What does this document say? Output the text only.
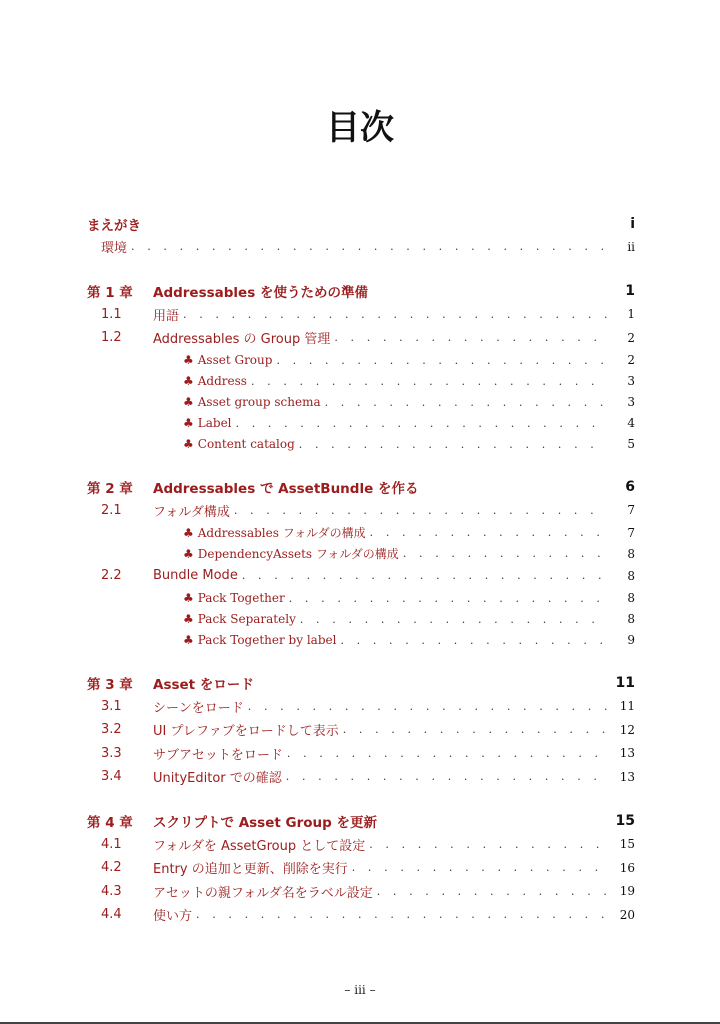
目次
まえがき	i
環境 . . .	ii
第 1 章	Addressables を使うための準備	1
1.1	用語 . . .	1
1.2	Addressables の Group 管理 . . .	2
♣ Asset Group . . .	2
♣ Address . . .	3
♣ Asset group schema . . .	3
♣ Label . . .	4
♣ Content catalog . . .	5
第 2 章	Addressables で AssetBundle を作る	6
2.1	フォルダ構成 . . .	7
♣ Addressables フォルダの構成 . . .	7
♣ DependencyAssets フォルダの構成 . . .	8
2.2	Bundle Mode . . .	8
♣ Pack Together . . .	8
♣ Pack Separately . . .	8
♣ Pack Together by label . . .	9
第 3 章	Asset をロード	11
3.1	シーンをロード . . .	11
3.2	UI プレファブをロードして表示 . . .	12
3.3	サブアセットをロード . . .	13
3.4	UnityEditor での確認 . . .	13
第 4 章	スクリプトで Asset Group を更新	15
4.1	フォルダを AssetGroup として設定 . . .	15
4.2	Entry の追加と更新、削除を実行 . . .	16
4.3	アセットの親フォルダ名をラベル設定 . . .	19
4.4	使い方 . . .	20
– iii –
